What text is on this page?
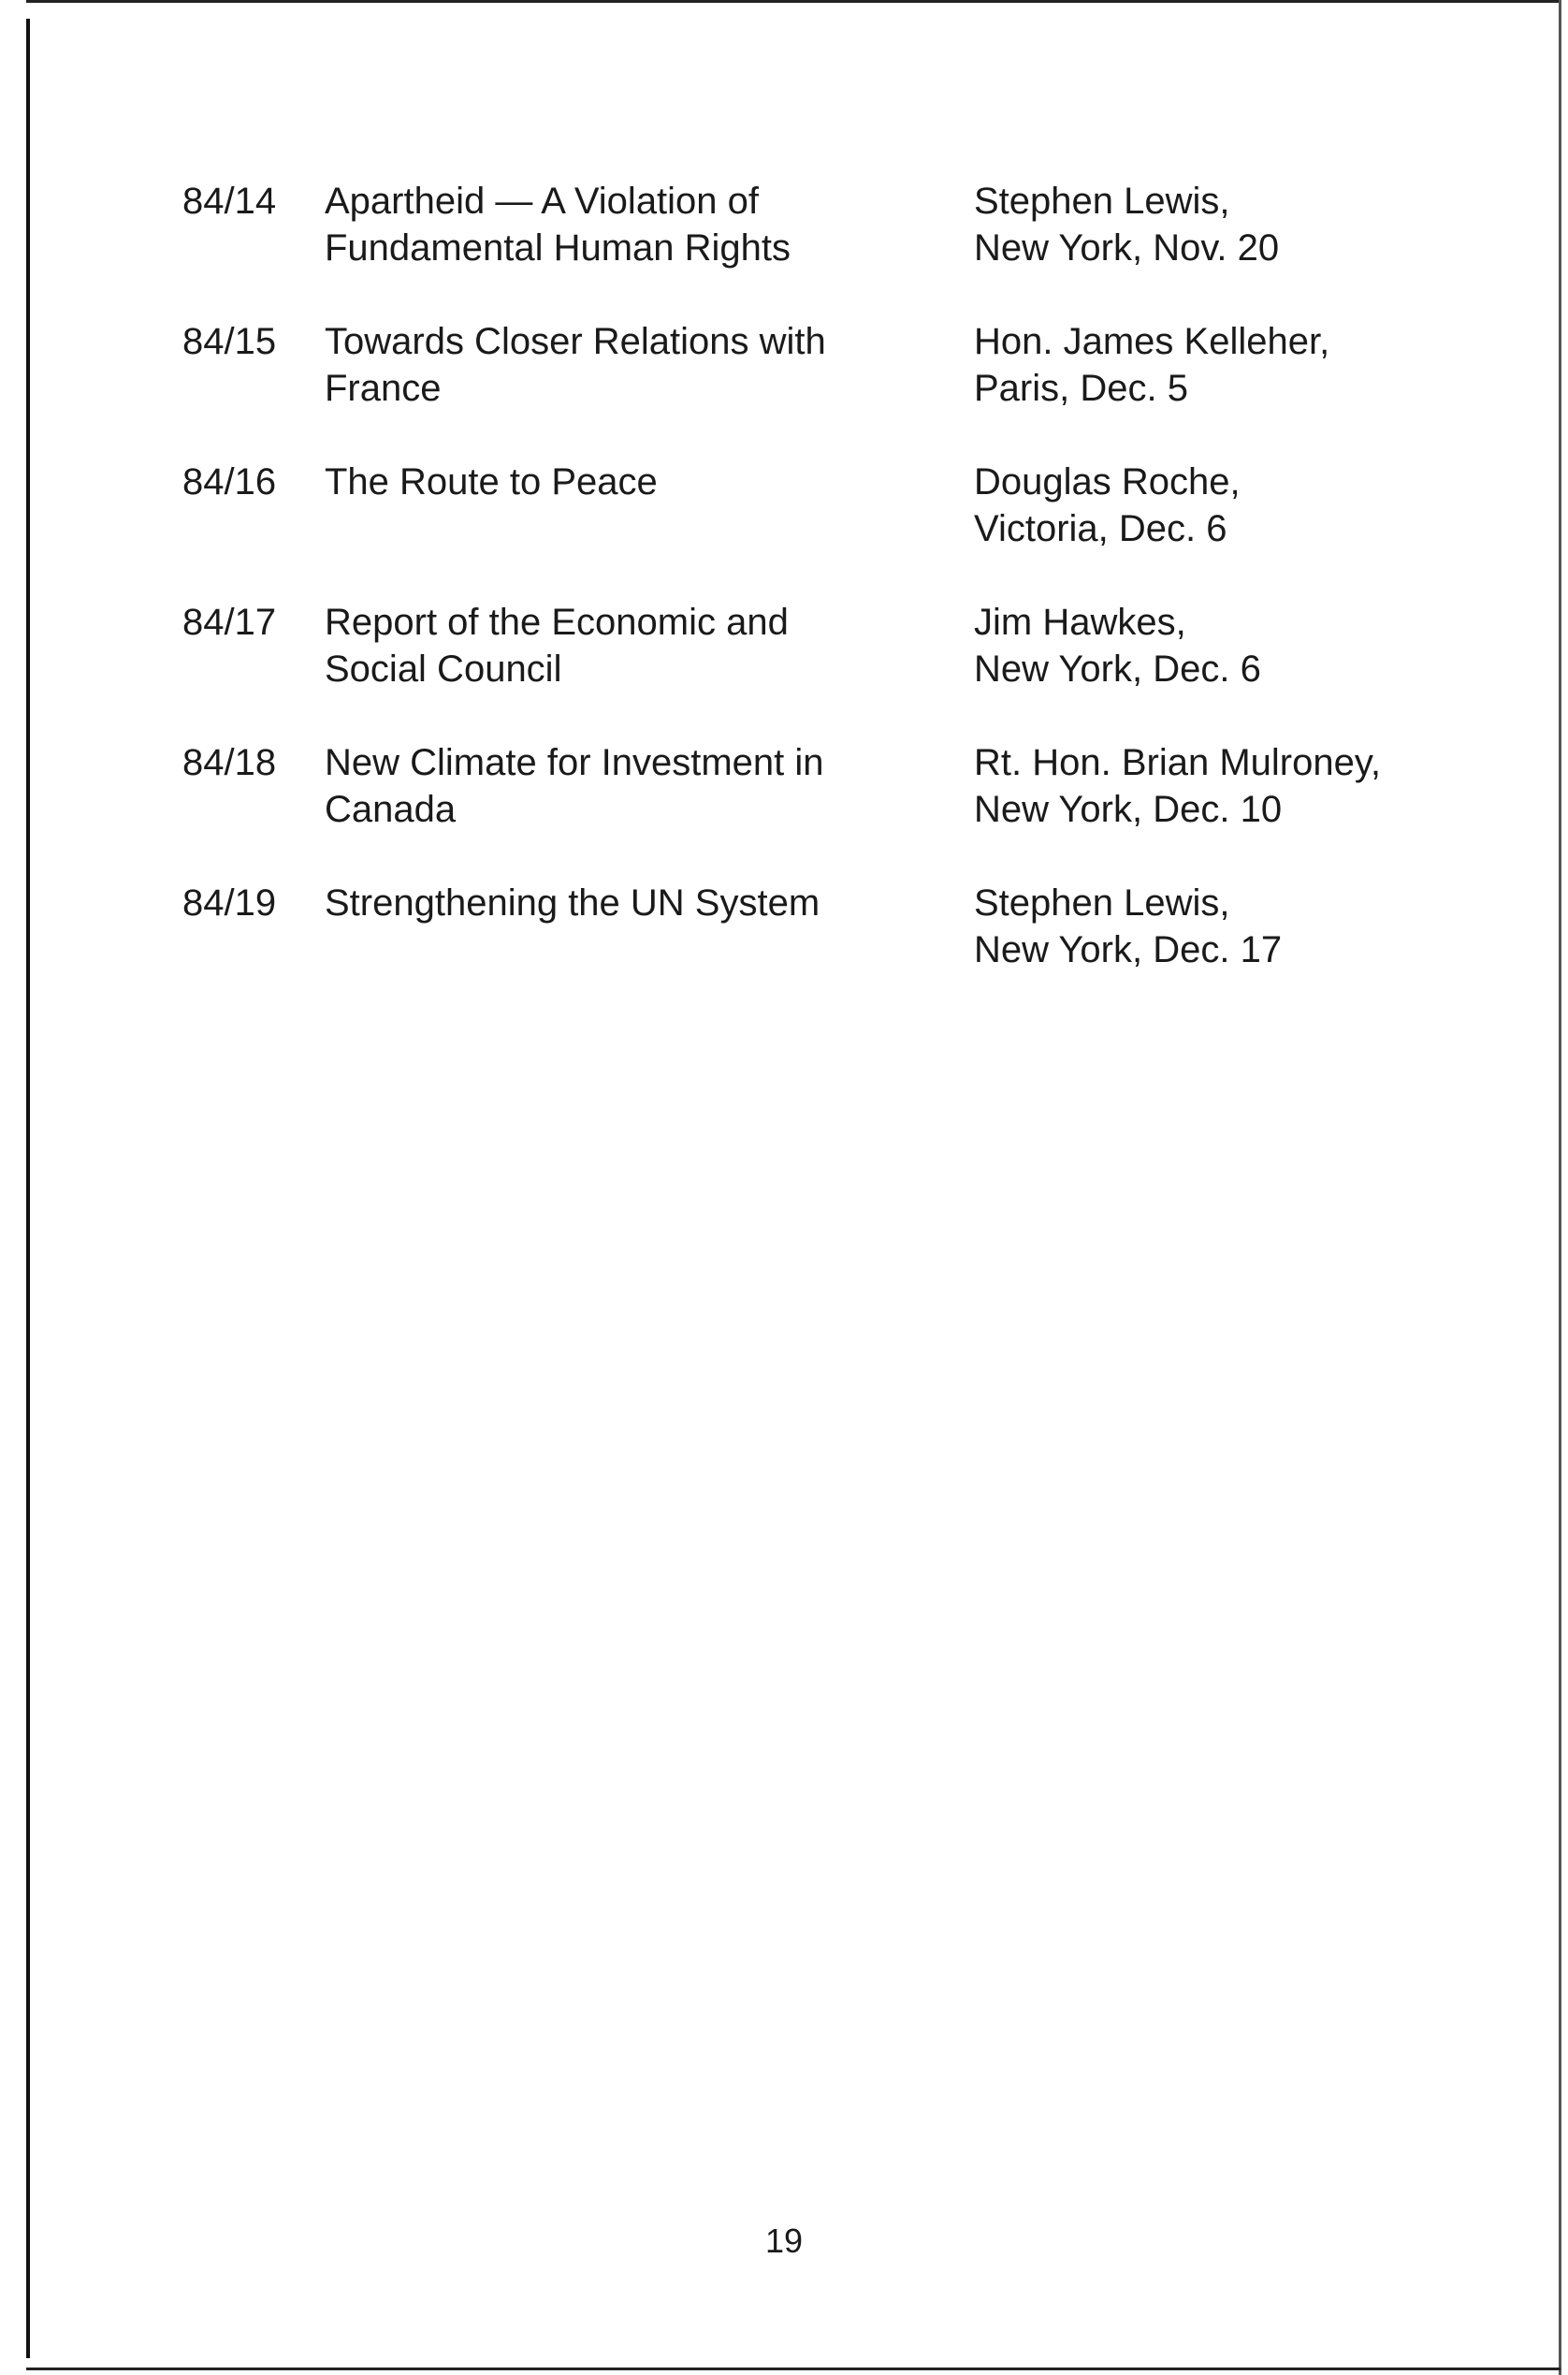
84/14 Apartheid — A Violation of
Fundamental Human Rights
Stephen Lewis,
New York, Nov. 20
84/15 Towards Closer Relations with
France
Hon. James Kelleher,
Paris, Dec. 5
84/16 The Route to Peace	Douglas Roche,
Victoria, Dec. 6
84/17 Report of the Economic and
Social Council
Jim Hawkes,
New York, Dec. 6
84/18 New Climate for Investment in
Canada
Rt. Hon. Brian Mulroney,
New York, Dec. 10
84/19 Strengthening the UN System	Stephen Lewis,
New York, Dec. 17
19
